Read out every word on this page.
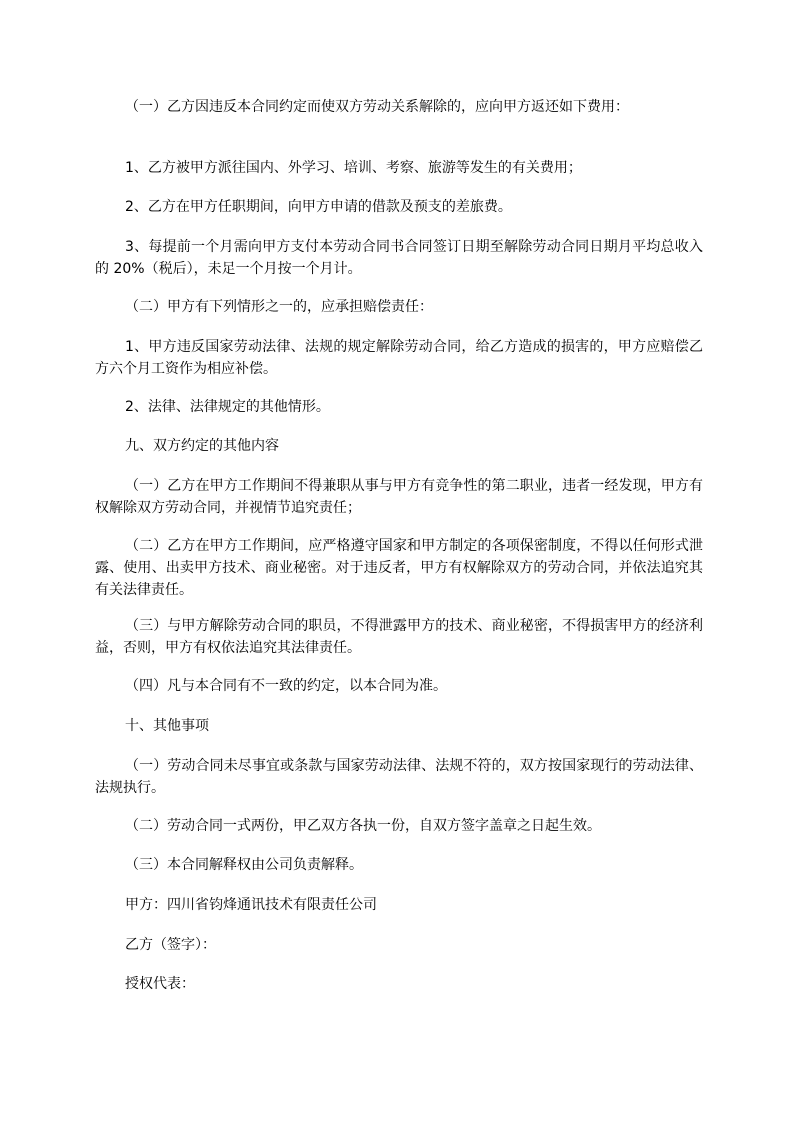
（一）乙方因违反本合同约定而使双方劳动关系解除的，应向甲方返还如下费用：

1、乙方被甲方派往国内、外学习、培训、考察、旅游等发生的有关费用；

2、乙方在甲方任职期间，向甲方申请的借款及预支的差旅费。

3、每提前一个月需向甲方支付本劳动合同书合同签订日期至解除劳动合同日期月平均总收入的 20%（税后），未足一个月按一个月计。

（二）甲方有下列情形之一的，应承担赔偿责任：

1、甲方违反国家劳动法律、法规的规定解除劳动合同，给乙方造成的损害的，甲方应赔偿乙方六个月工资作为相应补偿。

2、法律、法律规定的其他情形。

九、双方约定的其他内容

（一）乙方在甲方工作期间不得兼职从事与甲方有竞争性的第二职业，违者一经发现，甲方有权解除双方劳动合同，并视情节追究责任；

（二）乙方在甲方工作期间，应严格遵守国家和甲方制定的各项保密制度，不得以任何形式泄露、使用、出卖甲方技术、商业秘密。对于违反者，甲方有权解除双方的劳动合同，并依法追究其有关法律责任。

（三）与甲方解除劳动合同的职员，不得泄露甲方的技术、商业秘密，不得损害甲方的经济利益，否则，甲方有权依法追究其法律责任。

（四）凡与本合同有不一致的约定，以本合同为准。

十、其他事项

（一）劳动合同未尽事宜或条款与国家劳动法律、法规不符的，双方按国家现行的劳动法律、法规执行。

（二）劳动合同一式两份，甲乙双方各执一份，自双方签字盖章之日起生效。

（三）本合同解释权由公司负责解释。

甲方：四川省钧烽通讯技术有限责任公司

乙方（签字）：

授权代表：
